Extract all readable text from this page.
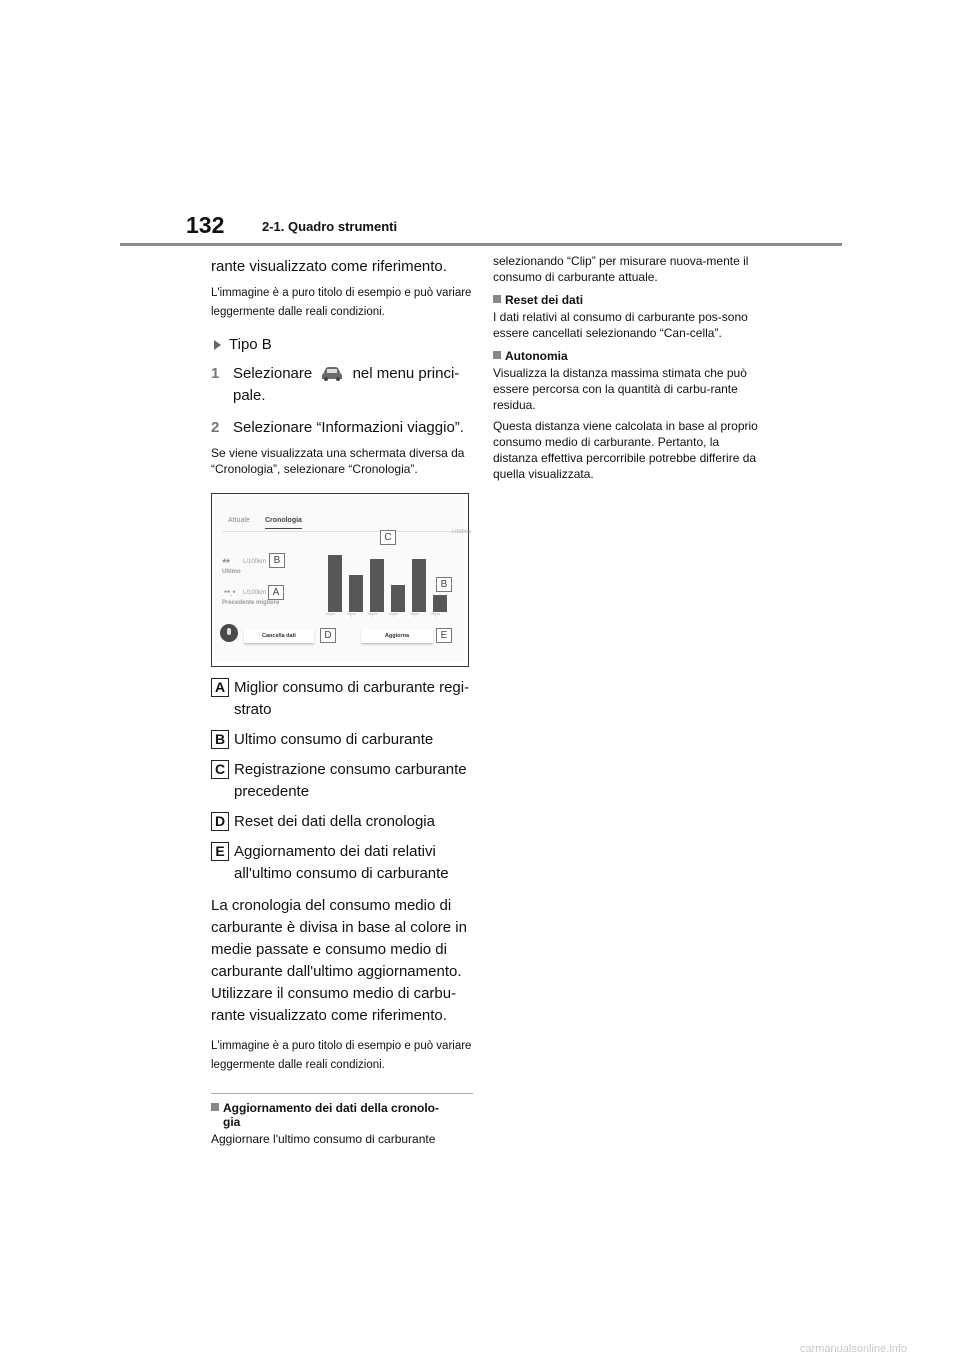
132	2-1. Quadro strumenti

rante visualizzato come riferimento.

L'immagine è a puro titolo di esempio e può variare leggermente dalle reali condizioni.

Tipo B
1 Selezionare	nel menu princi-pale.
2 Selezionare “Informazioni viaggio”.

Se viene visualizzata una schermata diversa da “Cronologia”, selezionare “Cronologia”.

Attuale Cronologia
L/100km
** L/100km
Ultimo
**.* L/100km
Precedente migliore
B
A
C
B
D	E
**/** **/** **/** **/** **/** **/**
Cancella dati	Aggiorna
A Miglior consumo di carburante regi-strato
B Ultimo consumo di carburante
C Registrazione consumo carburante precedente
D Reset dei dati della cronologia
E Aggiornamento dei dati relativi all'ultimo consumo di carburante

La cronologia del consumo medio di carburante è divisa in base al colore in medie passate e consumo medio di carburante dall'ultimo aggiornamento. Utilizzare il consumo medio di carbu-rante visualizzato come riferimento.

L'immagine è a puro titolo di esempio e può variare leggermente dalle reali condizioni.

Aggiornamento dei dati della cronolo-
gia

Aggiornare l'ultimo consumo di carburante

selezionando “Clip” per misurare nuova-mente il consumo di carburante attuale.

Reset dei dati

I dati relativi al consumo di carburante pos-sono essere cancellati selezionando “Can-cella”.

Autonomia

Visualizza la distanza massima stimata che può essere percorsa con la quantità di carbu-rante residua.

Questa distanza viene calcolata in base al proprio consumo medio di carburante. Pertanto, la distanza effettiva percorribile potrebbe differire da quella visualizzata.

carmanualsonline.info
